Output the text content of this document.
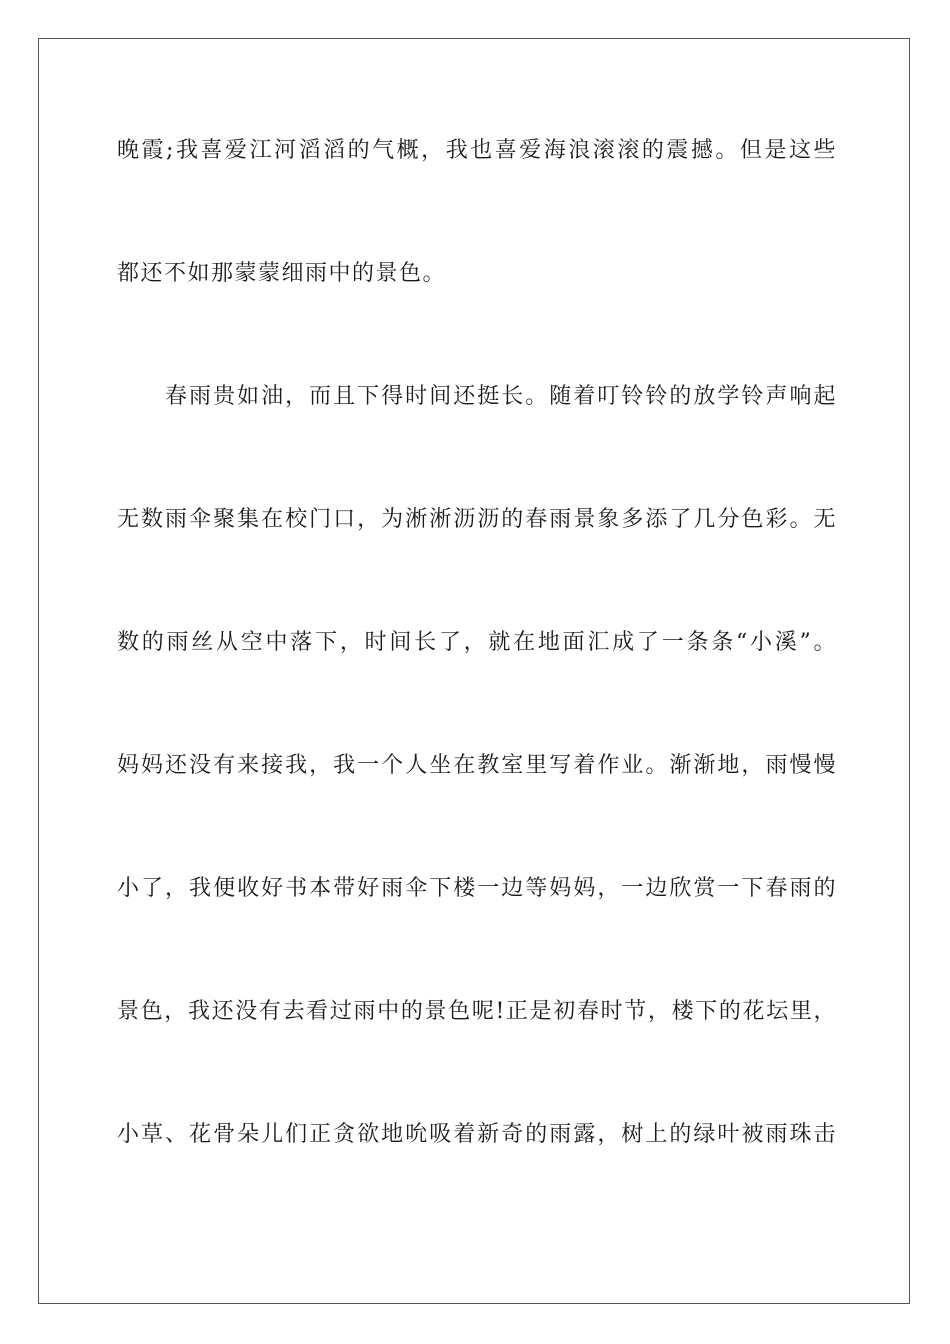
晚霞;我喜爱江河滔滔的气概，我也喜爱海浪滚滚的震撼。但是这些
都还不如那蒙蒙细雨中的景色。
春雨贵如油，而且下得时间还挺长。随着叮铃铃的放学铃声响起
无数雨伞聚集在校门口，为淅淅沥沥的春雨景象多添了几分色彩。无
数的雨丝从空中落下，时间长了，就在地面汇成了一条条“小溪”。
妈妈还没有来接我，我一个人坐在教室里写着作业。渐渐地，雨慢慢
小了，我便收好书本带好雨伞下楼一边等妈妈，一边欣赏一下春雨的
景色，我还没有去看过雨中的景色呢!正是初春时节，楼下的花坛里，
小草、花骨朵儿们正贪欲地吮吸着新奇的雨露，树上的绿叶被雨珠击
